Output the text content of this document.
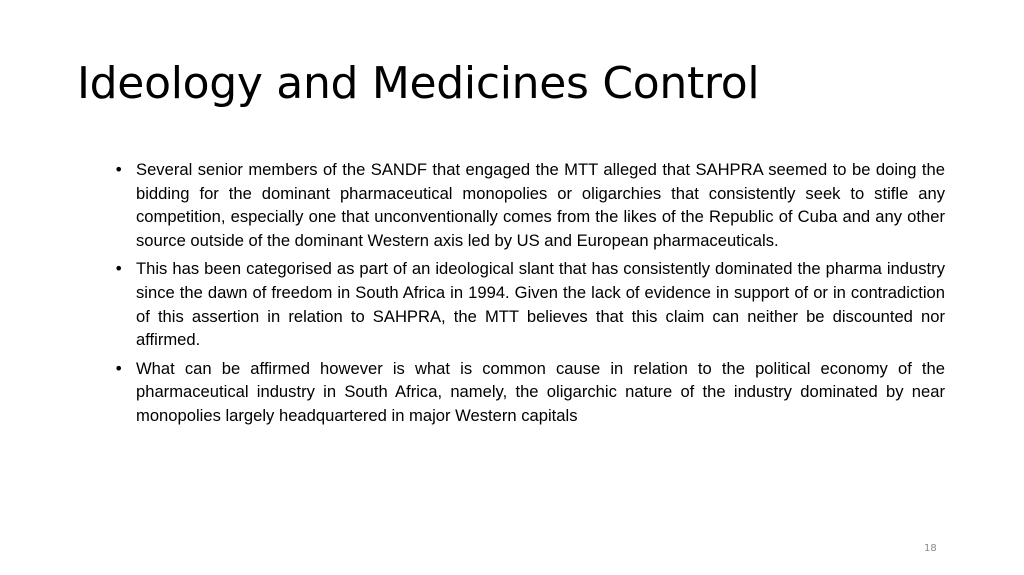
Ideology and Medicines Control
• Several senior members of the SANDF that engaged the MTT alleged that SAHPRA seemed to be doing the bidding for the dominant pharmaceutical monopolies or oligarchies that consistently seek to stifle any competition, especially one that unconventionally comes from the likes of the Republic of Cuba and any other source outside of the dominant Western axis led by US and European pharmaceuticals.
• This has been categorised as part of an ideological slant that has consistently dominated the pharma industry since the dawn of freedom in South Africa in 1994. Given the lack of evidence in support of or in contradiction of this assertion in relation to SAHPRA, the MTT believes that this claim can neither be discounted nor affirmed.
• What can be affirmed however is what is common cause in relation to the political economy of the pharmaceutical industry in South Africa, namely, the oligarchic nature of the industry dominated by near monopolies largely headquartered in major Western capitals
18
